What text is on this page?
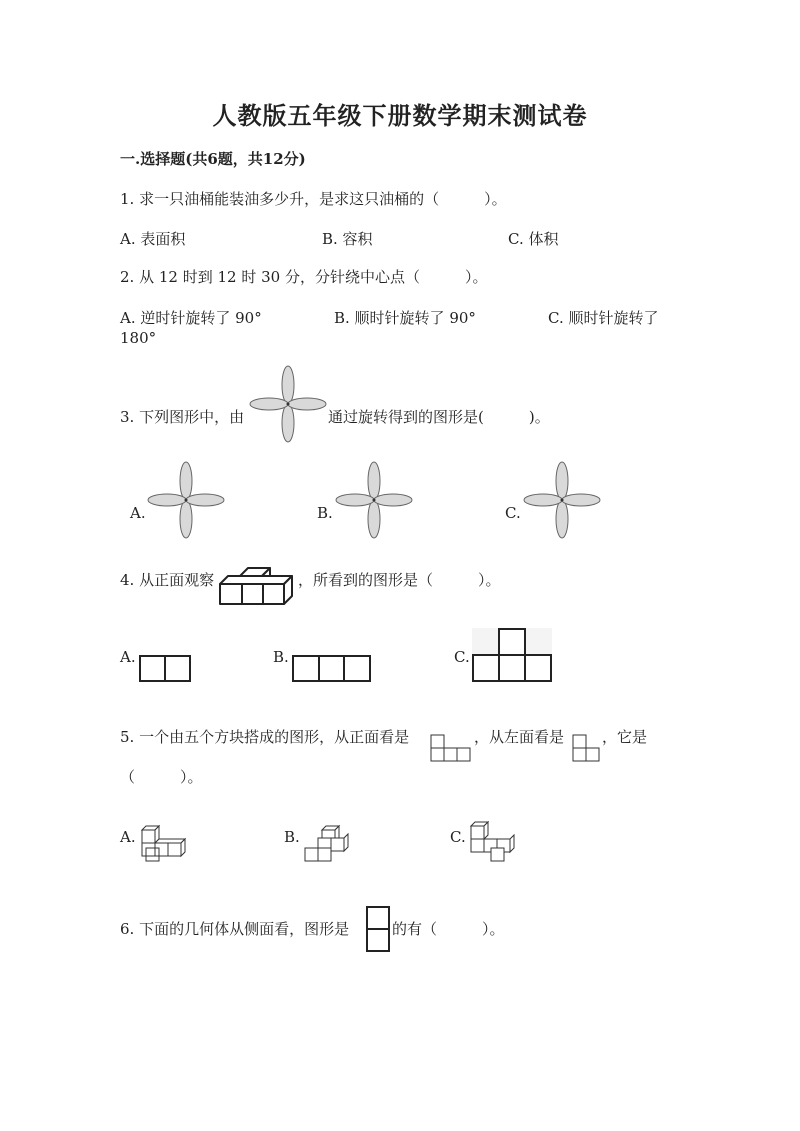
人教版五年级下册数学期末测试卷
一.选择题(共6题，共12分)
1. 求一只油桶能装油多少升，是求这只油桶的（　　　）。
A. 表面积	B. 容积	C. 体积
2. 从 12 时到 12 时 30 分，分针绕中心点（　　　）。
A. 逆时针旋转了 90°	B. 顺时针旋转了 90°	C. 顺时针旋转了
180°
3. 下列图形中，由	通过旋转得到的图形是(　　　)。
A.	B.	C.
4. 从正面观察	，所看到的图形是（　　　）。
A.	B.	C.
5. 一个由五个方块搭成的图形，从正面看是	，从左面看是	，它是
（　　　）。
A.	B.	C.
6. 下面的几何体从侧面看，图形是	的有（　　　）。
